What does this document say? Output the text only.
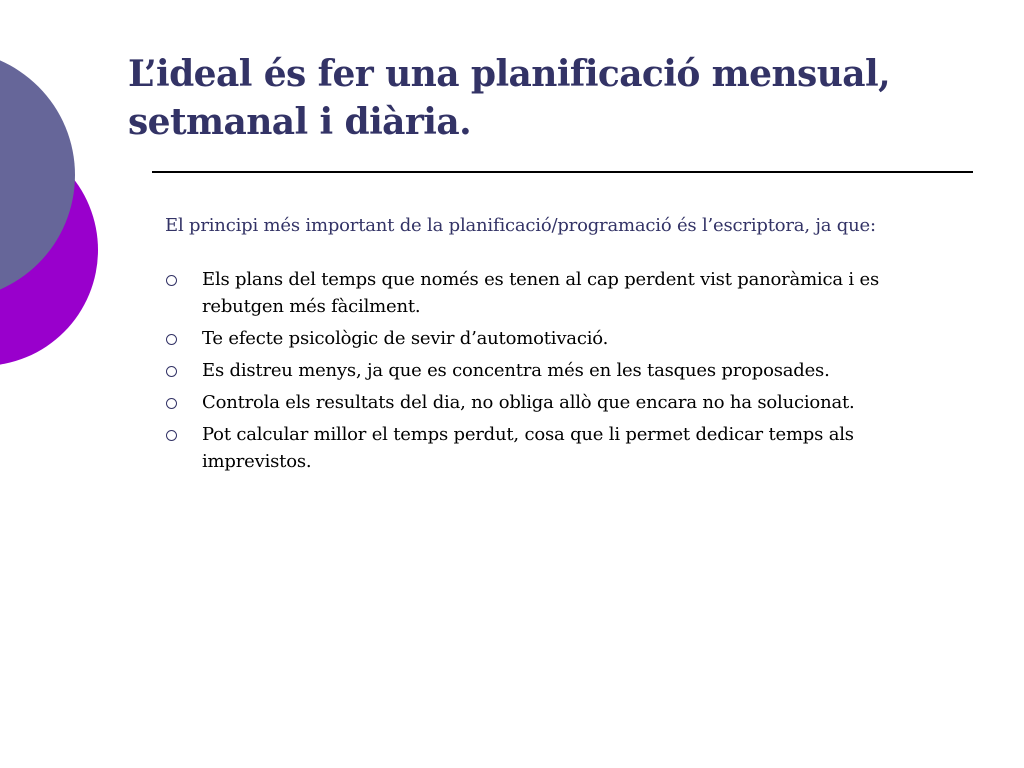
L’ideal és fer una planificació mensual,
setmanal i diària.

El principi més important de la planificació/programació és l’escriptora, ja que:

Els plans del temps que només es tenen al cap perdent vist panoràmica i es rebutgen més fàcilment.
Te efecte psicològic de sevir d’automotivació.
Es distreu menys, ja que es concentra més en les tasques proposades.
Controla els resultats del dia, no obliga allò que encara no ha solucionat.
Pot calcular millor el temps perdut, cosa que li permet dedicar temps als imprevistos.
